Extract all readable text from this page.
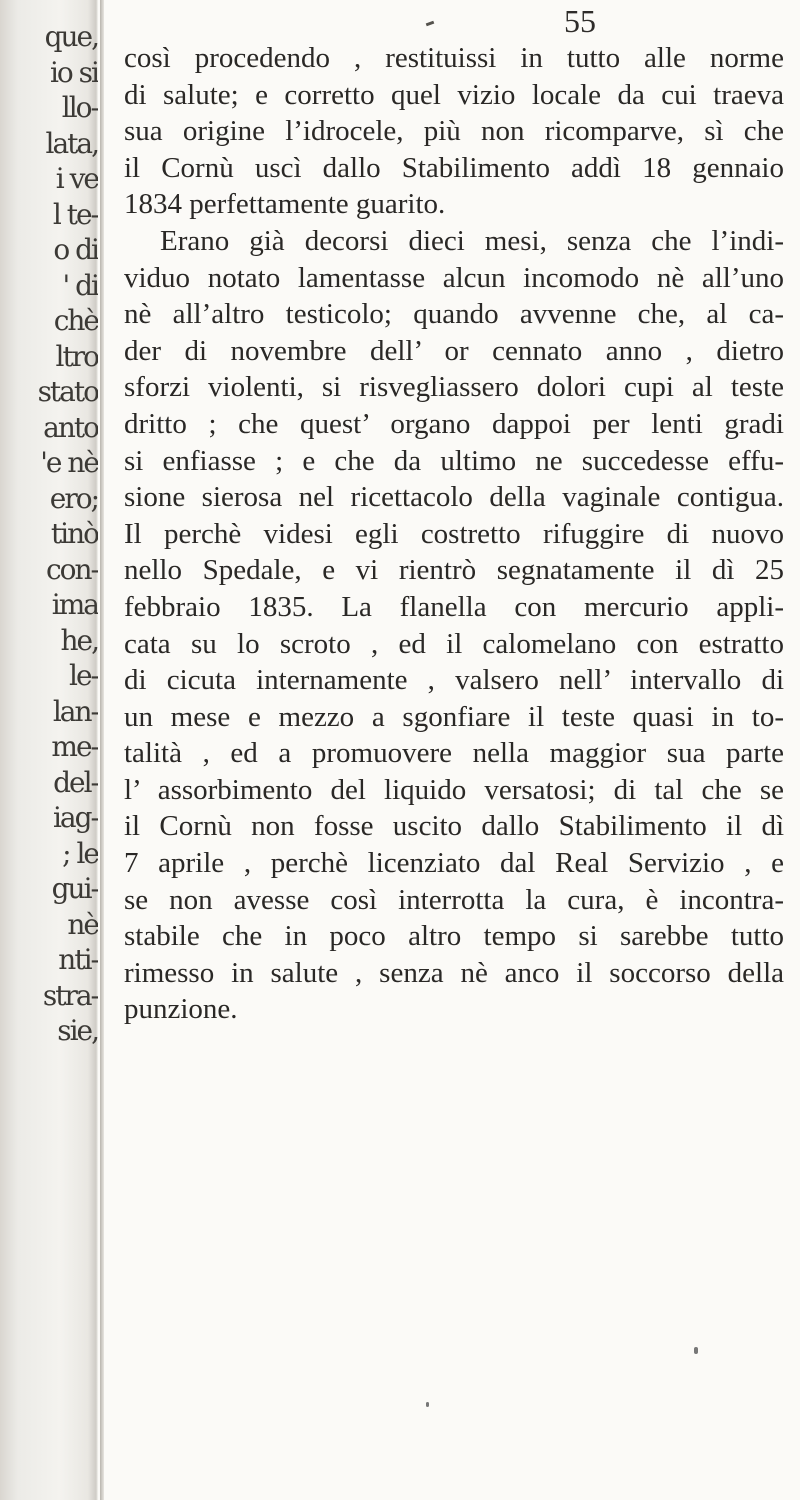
que,
io si
llo-
lata,
i ve
l te-
o di
' di
chè
ltro
stato
anto
'e nè
ero;
tinò
con-
ima
he,
le-
lan-
me-
del-
iag-
; le
gui-
nè
nti-
stra-
sie,
55
così procedendo , restituissi in tutto alle norme
di salute; e corretto quel vizio locale da cui traeva
sua origine l’idrocele, più non ricomparve, sì che
il Cornù uscì dallo Stabilimento addì 18 gennaio
1834 perfettamente guarito.
Erano già decorsi dieci mesi, senza che l’indi-
viduo notato lamentasse alcun incomodo nè all’uno
nè all’altro testicolo; quando avvenne che, al ca-
der di novembre dell’ or cennato anno , dietro
sforzi violenti, si risvegliassero dolori cupi al teste
dritto ; che quest’ organo dappoi per lenti gradi
si enfiasse ; e che da ultimo ne succedesse effu-
sione sierosa nel ricettacolo della vaginale contigua.
Il perchè videsi egli costretto rifuggire di nuovo
nello Spedale, e vi rientrò segnatamente il dì 25
febbraio 1835. La flanella con mercurio appli-
cata su lo scroto , ed il calomelano con estratto
di cicuta internamente , valsero nell’ intervallo di
un mese e mezzo a sgonfiare il teste quasi in to-
talità , ed a promuovere nella maggior sua parte
l’ assorbimento del liquido versatosi; di tal che se
il Cornù non fosse uscito dallo Stabilimento il dì
7 aprile , perchè licenziato dal Real Servizio , e
se non avesse così interrotta la cura, è incontra-
stabile che in poco altro tempo si sarebbe tutto
rimesso in salute , senza nè anco il soccorso della
punzione.
